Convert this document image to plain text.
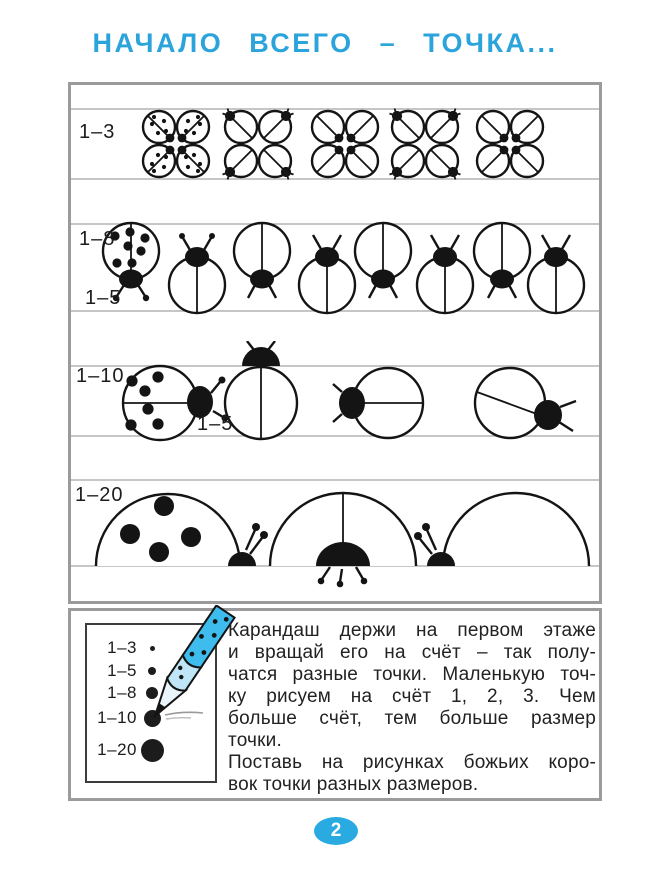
НАЧАЛО ВСЕГО – ТОЧКА...
1–3
1–8
1–5
1–10
1–5
1–20
1–3
1–5
1–8
1–10
1–20
Карандаш держи на первом этаже
и вращай его на счёт – так полу-
чатся разные точки. Маленькую точ-
ку рисуем на счёт 1, 2, 3. Чем
больше счёт, тем больше размер
точки.
Поставь на рисунках божьих коро-
вок точки разных размеров.
2
